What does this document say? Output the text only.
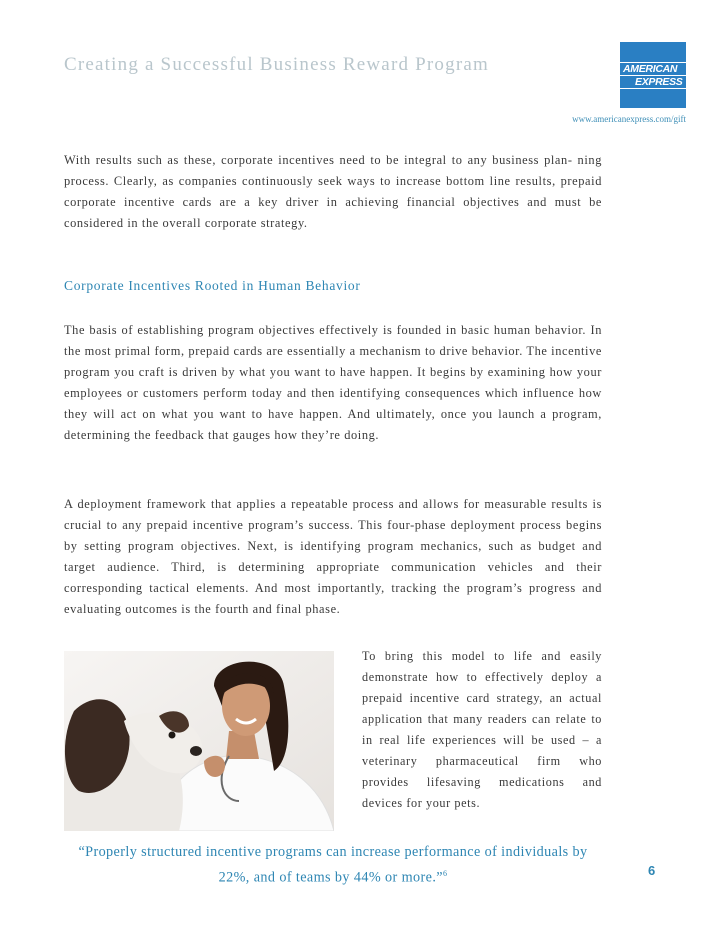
Creating a Successful Business Reward Program	AMERICAN
EXPRESS
www.americanexpress.com/gift

With results such as these, corporate incentives need to be integral to any business plan- ning process. Clearly, as companies continuously seek ways to increase bottom line results, prepaid corporate incentive cards are a key driver in achieving financial objectives and must be considered in the overall corporate strategy.

Corporate Incentives Rooted in Human Behavior

The basis of establishing program objectives effectively is founded in basic human behavior. In the most primal form, prepaid cards are essentially a mechanism to drive behavior. The incentive program you craft is driven by what you want to have happen. It begins by examining how your employees or customers perform today and then identifying consequences which influence how they will act on what you want to have happen. And ultimately, once you launch a program, determining the feedback that gauges how they’re doing.

A deployment framework that applies a repeatable process and allows for measurable results is crucial to any prepaid incentive program’s success. This four-phase deployment process begins by setting program objectives. Next, is identifying program mechanics, such as budget and target audience. Third, is determining appropriate communication vehicles and their corresponding tactical elements. And most importantly, tracking the program’s progress and evaluating outcomes is the fourth and final phase.

To bring this model to life and easily demonstrate how to effectively deploy a prepaid incentive card strategy, an actual application that many readers can relate to in real life experiences will be used – a veterinary pharmaceutical firm who provides lifesaving medications and devices for your pets.

“Properly structured incentive programs can increase performance of individuals by 22%, and of teams by 44% or more.”$^6$	6
